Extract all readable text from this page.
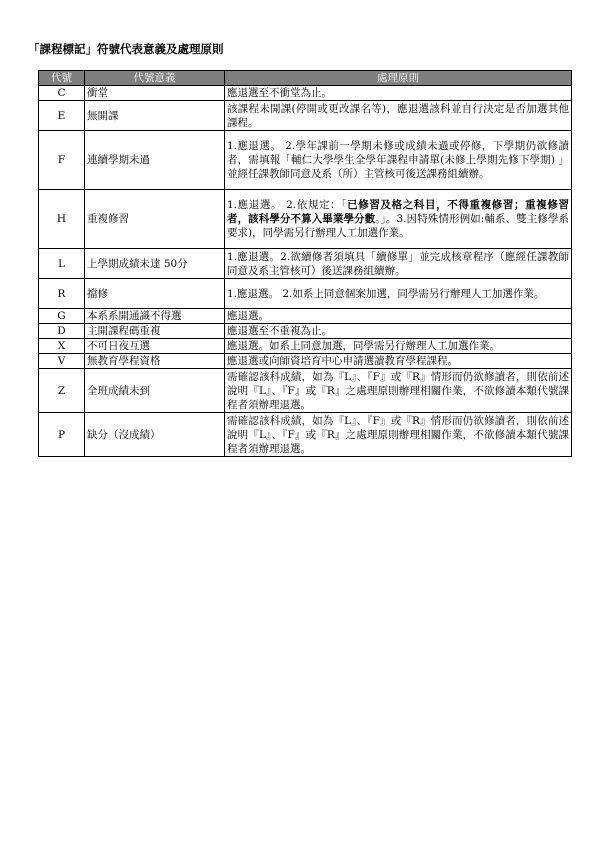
「課程標記」符號代表意義及處理原則
代號	代號意義	處理原則
C	衝堂	應退選至不衝堂為止。
E	無開課	該課程未開課(停開或更改課名等)，應退選該科並自行決定是否加選其他課程。
F	連續學期未過	1.應退選。 2.學年課前一學期未修或成績未過或停修，下學期仍欲修讀者，需填報「輔仁大學學生全學年課程申請單(未修上學期先修下學期) 」並經任課教師同意及系（所）主管核可後送課務組續辦。
H	重複修習	1.應退選。 2.依規定：「已修習及格之科目，不得重複修習；重複修習者，該科學分不算入畢業學分數。」。3.因特殊情形例如:輔系、雙主修學系要求)，同學需另行辦理人工加選作業。
L	上學期成績未達 50分	1.應退選。2.欲續修者須填具「續修單」並完成核章程序（應經任課教師同意及系主管核可）後送課務組續辦。
R	擋修	1.應退選。 2.如系上同意個案加選，同學需另行辦理人工加選作業。
G	本系系開通識不得選	應退選。
D	主開課程碼重複	應退選至不重複為止。
X	不可日夜互選	應退選。如系上同意加選，同學需另行辦理人工加選作業。
V	無教育學程資格	應退選或向師資培育中心申請選讀教育學程課程。
Z	全班成績未到	需確認該科成績，如為『L』、『F』或『R』情形而仍欲修讀者，則依前述說明『L』、『F』或『R』之處理原則辦理相關作業，不欲修讀本類代號課程者須辦理退選。
P	缺分（沒成績）	需確認該科成績，如為『L』、『F』或『R』情形而仍欲修讀者，則依前述說明『L』、『F』或『R』之處理原則辦理相關作業，不欲修讀本類代號課程者須辦理退選。
